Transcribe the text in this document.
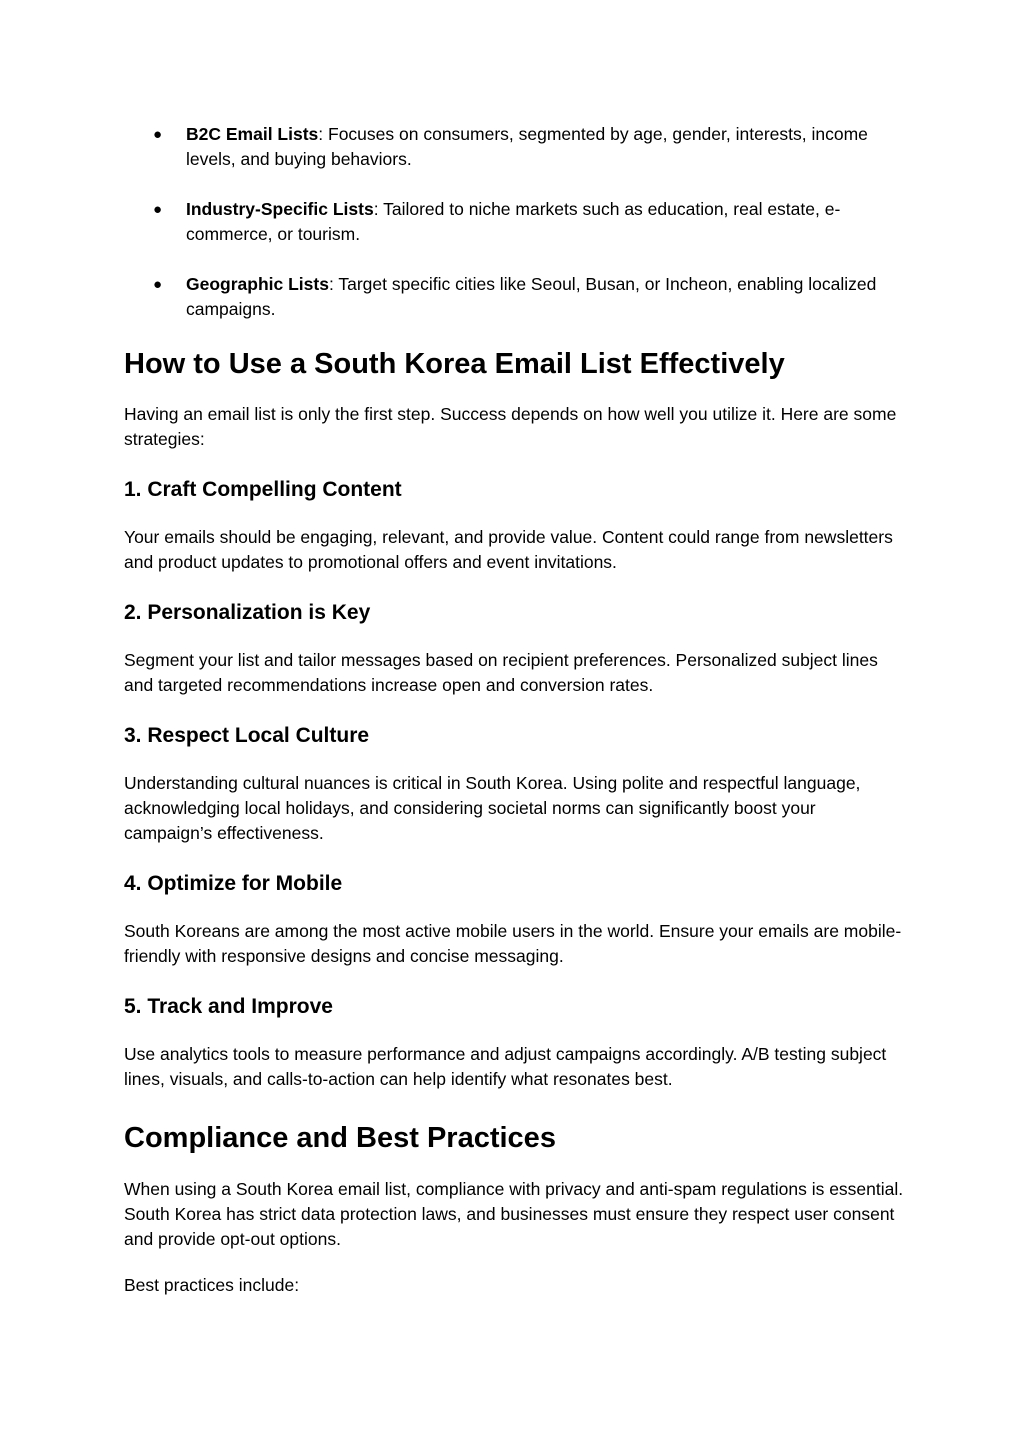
● B2C Email Lists: Focuses on consumers, segmented by age, gender, interests, income levels, and buying behaviors.
● Industry-Specific Lists: Tailored to niche markets such as education, real estate, e-commerce, or tourism.
● Geographic Lists: Target specific cities like Seoul, Busan, or Incheon, enabling localized campaigns.
How to Use a South Korea Email List Effectively

Having an email list is only the first step. Success depends on how well you utilize it. Here are some strategies:

1. Craft Compelling Content

Your emails should be engaging, relevant, and provide value. Content could range from newsletters and product updates to promotional offers and event invitations.

2. Personalization is Key

Segment your list and tailor messages based on recipient preferences. Personalized subject lines and targeted recommendations increase open and conversion rates.

3. Respect Local Culture

Understanding cultural nuances is critical in South Korea. Using polite and respectful language, acknowledging local holidays, and considering societal norms can significantly boost your campaign’s effectiveness.

4. Optimize for Mobile

South Koreans are among the most active mobile users in the world. Ensure your emails are mobile-friendly with responsive designs and concise messaging.

5. Track and Improve

Use analytics tools to measure performance and adjust campaigns accordingly. A/B testing subject lines, visuals, and calls-to-action can help identify what resonates best.

Compliance and Best Practices

When using a South Korea email list, compliance with privacy and anti-spam regulations is essential. South Korea has strict data protection laws, and businesses must ensure they respect user consent and provide opt-out options.

Best practices include:
